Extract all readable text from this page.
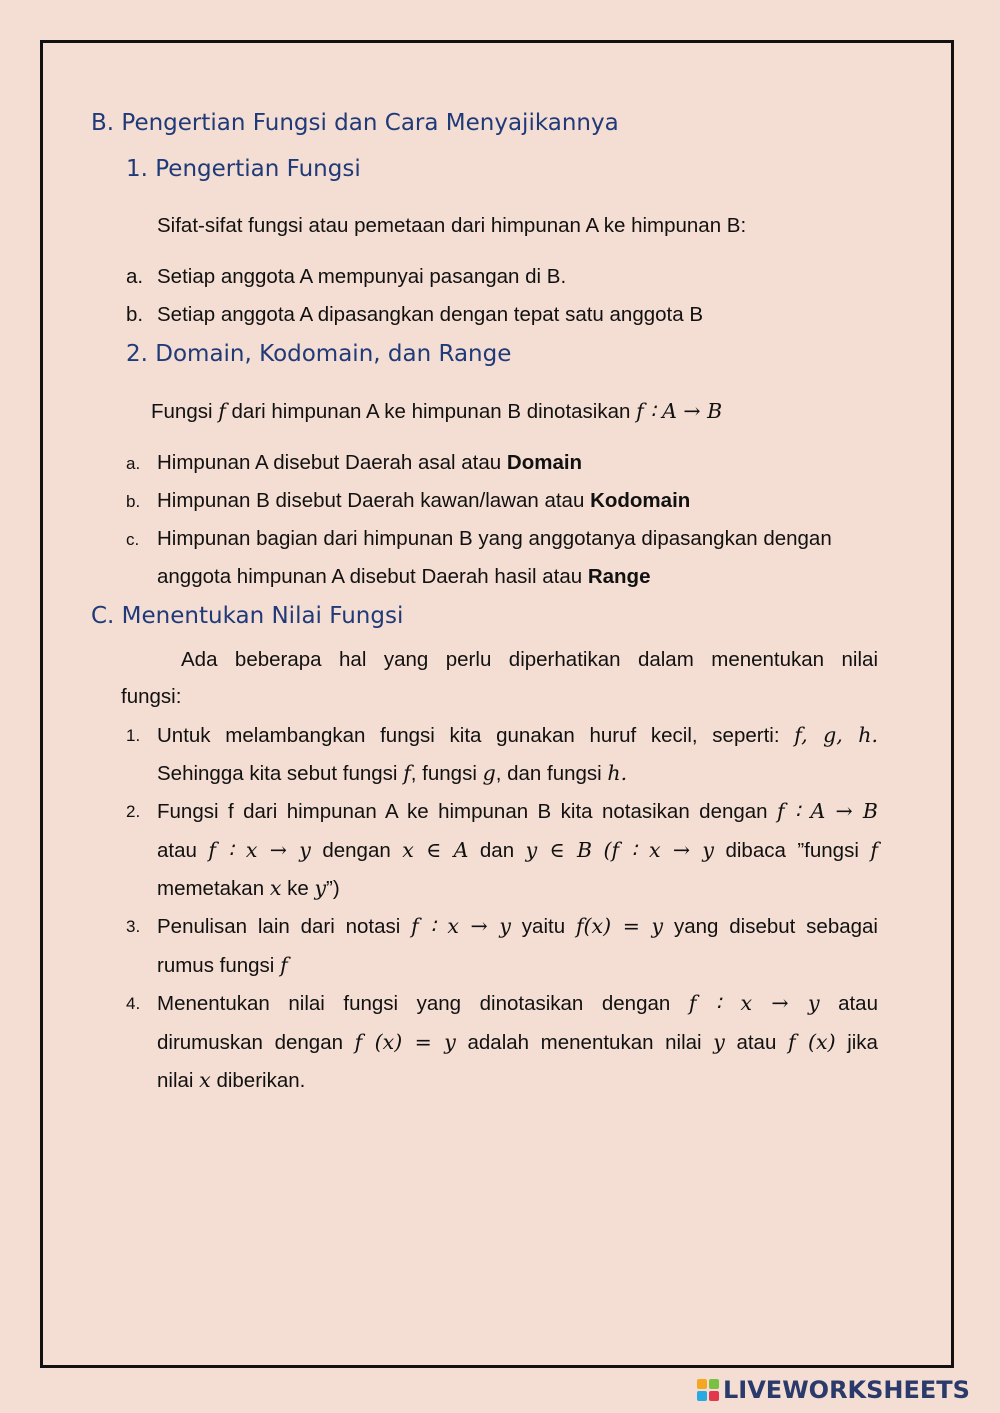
B. Pengertian Fungsi dan Cara Menyajikannya
1. Pengertian Fungsi

Sifat-sifat fungsi atau pemetaan dari himpunan A ke himpunan B:

a. Setiap anggota A mempunyai pasangan di B.

b. Setiap anggota A dipasangkan dengan tepat satu anggota B

2. Domain, Kodomain, dan Range

Fungsi f dari himpunan A ke himpunan B dinotasikan f ∶ A → B

a. Himpunan A disebut Daerah asal atau Domain

b. Himpunan B disebut Daerah kawan/lawan atau Kodomain

c. Himpunan bagian dari himpunan B yang anggotanya dipasangkan dengan

anggota himpunan A disebut Daerah hasil atau Range

C. Menentukan Nilai Fungsi

Ada beberapa hal yang perlu diperhatikan dalam menentukan nilai

fungsi:

1. Untuk melambangkan fungsi kita gunakan huruf kecil, seperti: f, g, h.

Sehingga kita sebut fungsi f, fungsi g, dan fungsi h.

2. Fungsi f dari himpunan A ke himpunan B kita notasikan dengan f ∶ A → B

atau f ∶ x → y dengan x ∈ A dan y ∈ B (f ∶ x → y dibaca ”fungsi f

memetakan x ke y”)

3. Penulisan lain dari notasi f ∶ x → y yaitu f(x) = y yang disebut sebagai

rumus fungsi f

4. Menentukan nilai fungsi yang dinotasikan dengan f ∶ x → y atau

dirumuskan dengan f (x) = y adalah menentukan nilai y atau f (x) jika

nilai x diberikan.

LIVEWORKSHEETS
